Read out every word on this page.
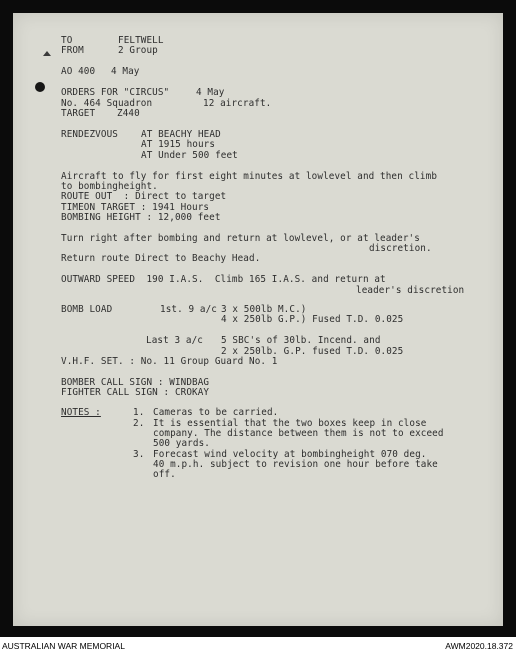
TO	FELTWELL
FROM	2 Group
AO 400 4 May
ORDERS FOR "CIRCUS"	4 May
No. 464 Squadron	12 aircraft.
TARGET Z440
RENDEZVOUS AT BEACHY HEAD
AT 1915 hours
AT Under 500 feet
Aircraft to fly for first eight minutes at lowlevel and then climb
to bombingheight.
ROUTE OUT  : Direct to target
TIMEON TARGET : 1941 Hours
BOMBING HEIGHT : 12,000 feet
Turn right after bombing and return at lowlevel, or at leader's
discretion.
Return route Direct to Beachy Head.
OUTWARD SPEED  190 I.A.S.  Climb 165 I.A.S. and return at
leader's discretion
BOMB LOAD	1st. 9 a/c 3 x 500lb M.C.)
4 x 250lb G.P.) Fused T.D. 0.025
Last 3 a/c 5 SBC's of 30lb. Incend. and
2 x 250lb. G.P. fused T.D. 0.025
V.H.F. SET. : No. 11 Group Guard No. 1
BOMBER CALL SIGN : WINDBAG
FIGHTER CALL SIGN : CROKAY
NOTES :	1. Cameras to be carried.
2. It is essential that the two boxes keep in close
company. The distance between them is not to exceed
500 yards.
3. Forecast wind velocity at bombingheight 070 deg.
40 m.p.h. subject to revision one hour before take
off.
AUSTRALIAN WAR MEMORIAL	AWM2020.18.372
